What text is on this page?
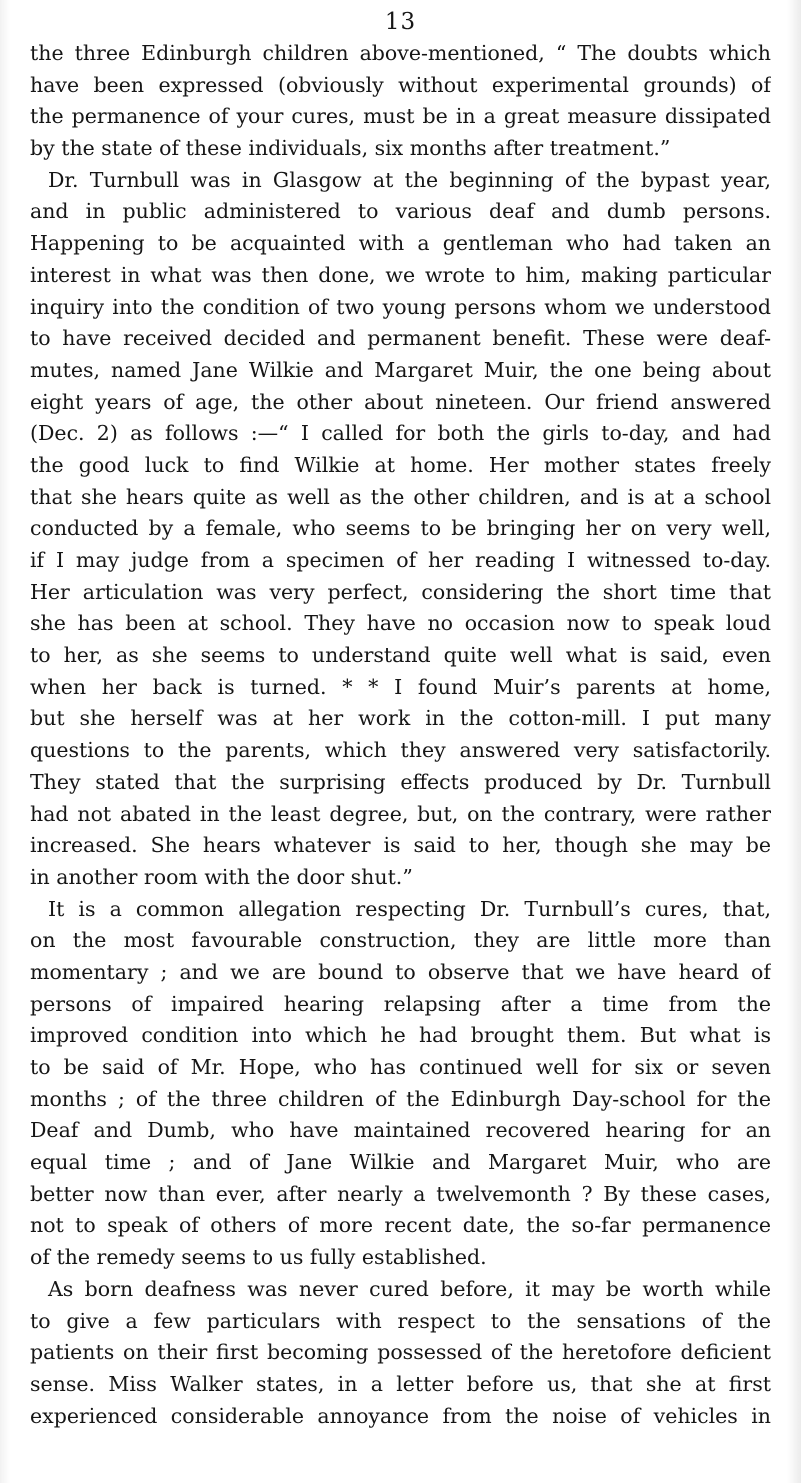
13
the three Edinburgh children above-mentioned, “ The doubts which
have been expressed (obviously without experimental grounds) of
the permanence of your cures, must be in a great measure dissipated
by the state of these individuals, six months after treatment.”
Dr. Turnbull was in Glasgow at the beginning of the bypast year,
and in public administered to various deaf and dumb persons.
Happening to be acquainted with a gentleman who had taken an
interest in what was then done, we wrote to him, making particular
inquiry into the condition of two young persons whom we understood
to have received decided and permanent benefit. These were deaf-
mutes, named Jane Wilkie and Margaret Muir, the one being about
eight years of age, the other about nineteen. Our friend answered
(Dec. 2) as follows :—“ I called for both the girls to-day, and had
the good luck to find Wilkie at home. Her mother states freely
that she hears quite as well as the other children, and is at a school
conducted by a female, who seems to be bringing her on very well,
if I may judge from a specimen of her reading I witnessed to-day.
Her articulation was very perfect, considering the short time that
she has been at school. They have no occasion now to speak loud
to her, as she seems to understand quite well what is said, even
when her back is turned. * * I found Muir’s parents at home,
but she herself was at her work in the cotton-mill. I put many
questions to the parents, which they answered very satisfactorily.
They stated that the surprising effects produced by Dr. Turnbull
had not abated in the least degree, but, on the contrary, were rather
increased. She hears whatever is said to her, though she may be
in another room with the door shut.”
It is a common allegation respecting Dr. Turnbull’s cures, that,
on the most favourable construction, they are little more than
momentary ; and we are bound to observe that we have heard of
persons of impaired hearing relapsing after a time from the
improved condition into which he had brought them. But what is
to be said of Mr. Hope, who has continued well for six or seven
months ; of the three children of the Edinburgh Day-school for the
Deaf and Dumb, who have maintained recovered hearing for an
equal time ; and of Jane Wilkie and Margaret Muir, who are
better now than ever, after nearly a twelvemonth ? By these cases,
not to speak of others of more recent date, the so-far permanence
of the remedy seems to us fully established.
As born deafness was never cured before, it may be worth while
to give a few particulars with respect to the sensations of the
patients on their first becoming possessed of the heretofore deficient
sense. Miss Walker states, in a letter before us, that she at first
experienced considerable annoyance from the noise of vehicles in
